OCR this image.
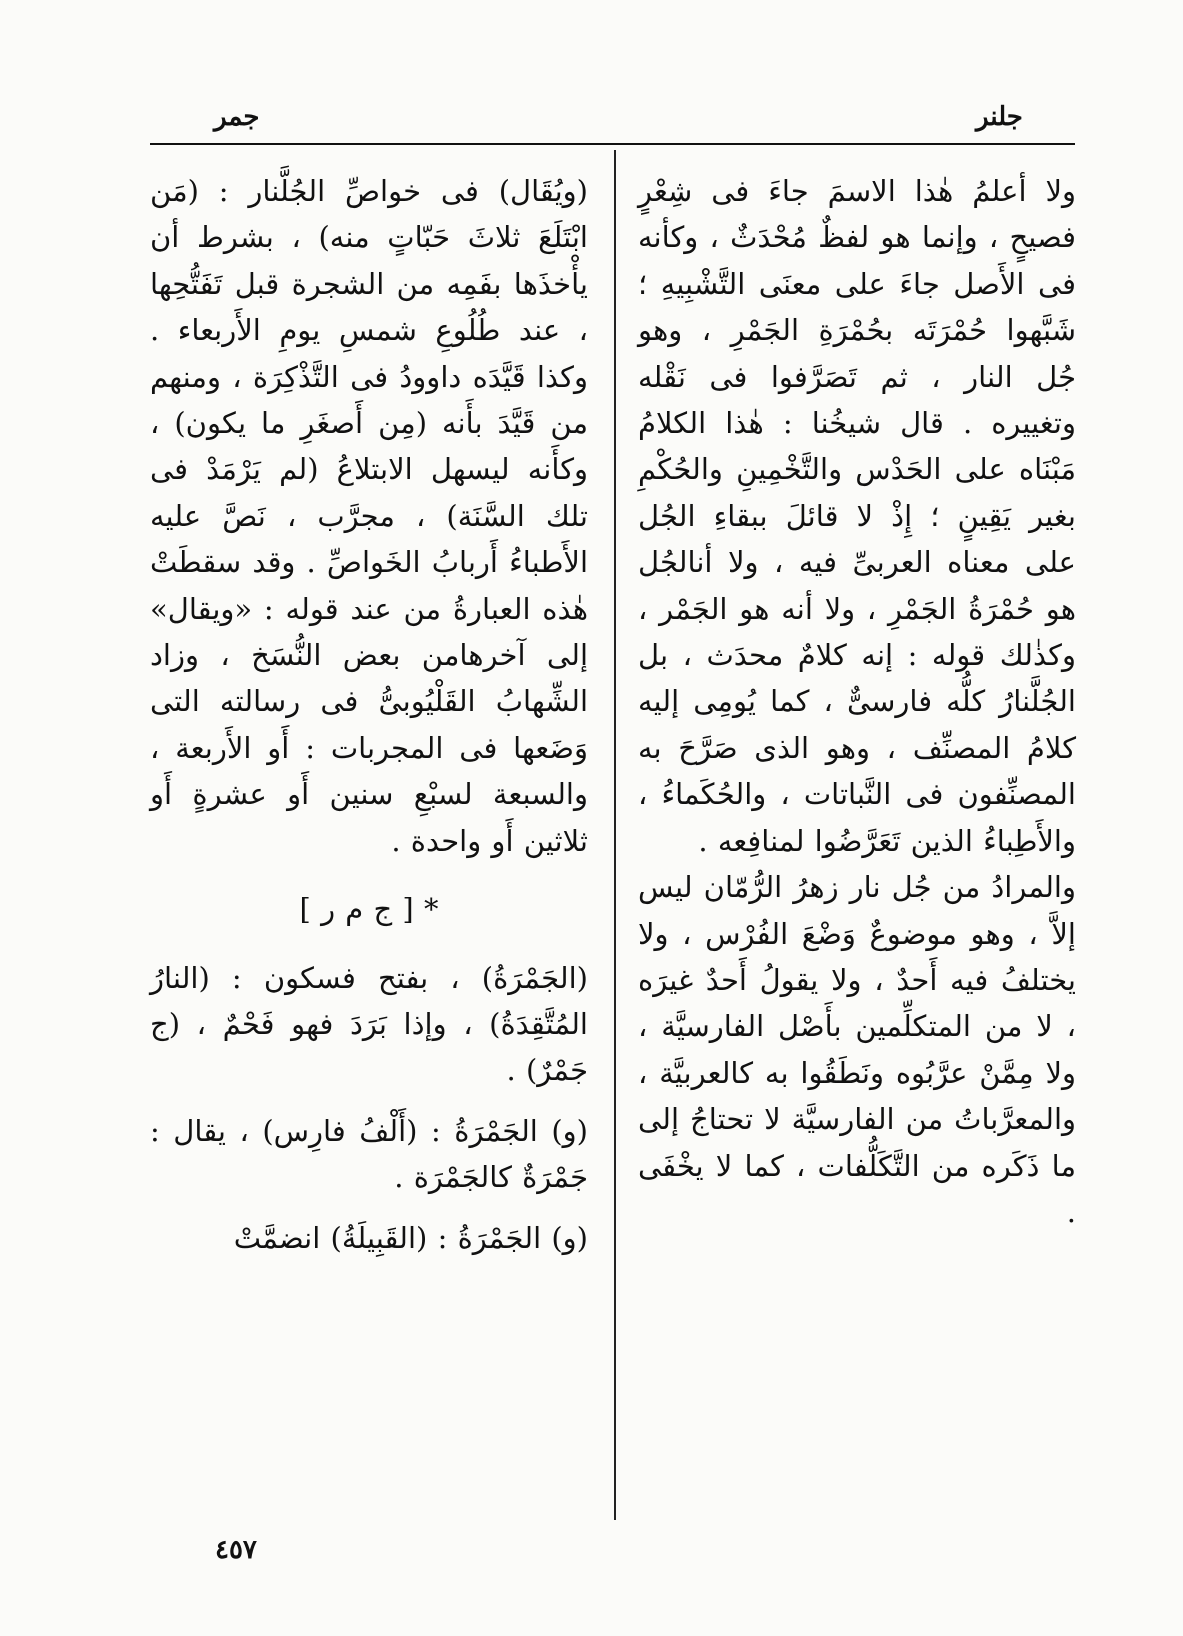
جلنر
جمر

ولا أعلمُ هٰذا الاسمَ جاءَ فى شِعْرٍ فصيحٍ ، وإنما هو لفظٌ مُحْدَثٌ ، وكأنه فى الأَصل جاءَ على معنَى التَّشْبِيهِ ؛ شَبَّهوا حُمْرَتَه بحُمْرَةِ الجَمْرِ ، وهو جُل النار ، ثم تَصَرَّفوا فى نَقْله وتغييره . قال شيخُنا : هٰذا الكلامُ مَبْنَاه على الحَدْس والتَّخْمِينِ والحُكْمِ بغير يَقِينٍ ؛ إِذْ لا قائلَ ببقاءِ الجُل على معناه العربىِّ فيه ، ولا أنالجُل هو حُمْرَةُ الجَمْرِ ، ولا أنه هو الجَمْر ، وكذٰلك قوله : إنه كلامٌ محدَث ، بل الجُلَّنارُ كلُّه فارسىٌّ ، كما يُومِى إليه كلامُ المصنِّف ، وهو الذى صَرَّحَ به المصنِّفون فى النَّباتات ، والحُكَماءُ ، والأَطِباءُ الذين تَعَرَّضُوا لمنافِعه .

والمرادُ من جُل نار زهرُ الرُّمّان ليس إلاَّ ، وهو موضوعٌ وَضْعَ الفُرْس ، ولا يختلفُ فيه أَحدٌ ، ولا يقولُ أَحدٌ غيرَه ، لا من المتكلِّمين بأَصْل الفارسيَّة ، ولا مِمَّنْ عرَّبُوه ونَطَقُوا به كالعربيَّة ، والمعرَّباتُ من الفارسيَّة لا تحتاجُ إلى ما ذَكَره من التَّكَلُّفات ، كما لا يخْفَى .

(ويُقَال) فى خواصِّ الجُلَّنار : (مَن ابْتَلَعَ ثلاثَ حَبّاتٍ منه) ، بشرط أن يأْخذَها بفَمِه من الشجرة قبل تَفَتُّحِها ، عند طُلُوعِ شمسِ يومِ الأَربعاء . وكذا قَيَّدَه داوودُ فى التَّذْكِرَة ، ومنهم من قَيَّدَ بأَنه (مِن أَصغَرِ ما يكون) ، وكأَنه ليسهل الابتلاعُ (لم يَرْمَدْ فى تلك السَّنَة) ، مجرَّب ، نَصَّ عليه الأَطباءُ أَربابُ الخَواصِّ . وقد سقطَتْ هٰذه العبارةُ من عند قوله : «ويقال» إلى آخرهامن بعض النُّسَخ ، وزاد الشِّهابُ القَلْيُوبىُّ فى رسالته التى وَضَعها فى المجربات : أَو الأَربعة ، والسبعة لسبْعِ سنين أَو عشرةٍ أَو ثلاثين أَو واحدة .

* [ ج م ر ]

(الجَمْرَةُ) ، بفتح فسكون : (النارُ المُتَّقِدَةُ) ، وإذا بَرَدَ فهو فَحْمٌ ، (ج جَمْرٌ) .

(و) الجَمْرَةُ : (أَلْفُ فارِس) ، يقال : جَمْرَةٌ كالجَمْرَة .

(و) الجَمْرَةُ : (القَبِيلَةُ) انضمَّتْ

٤٥٧
